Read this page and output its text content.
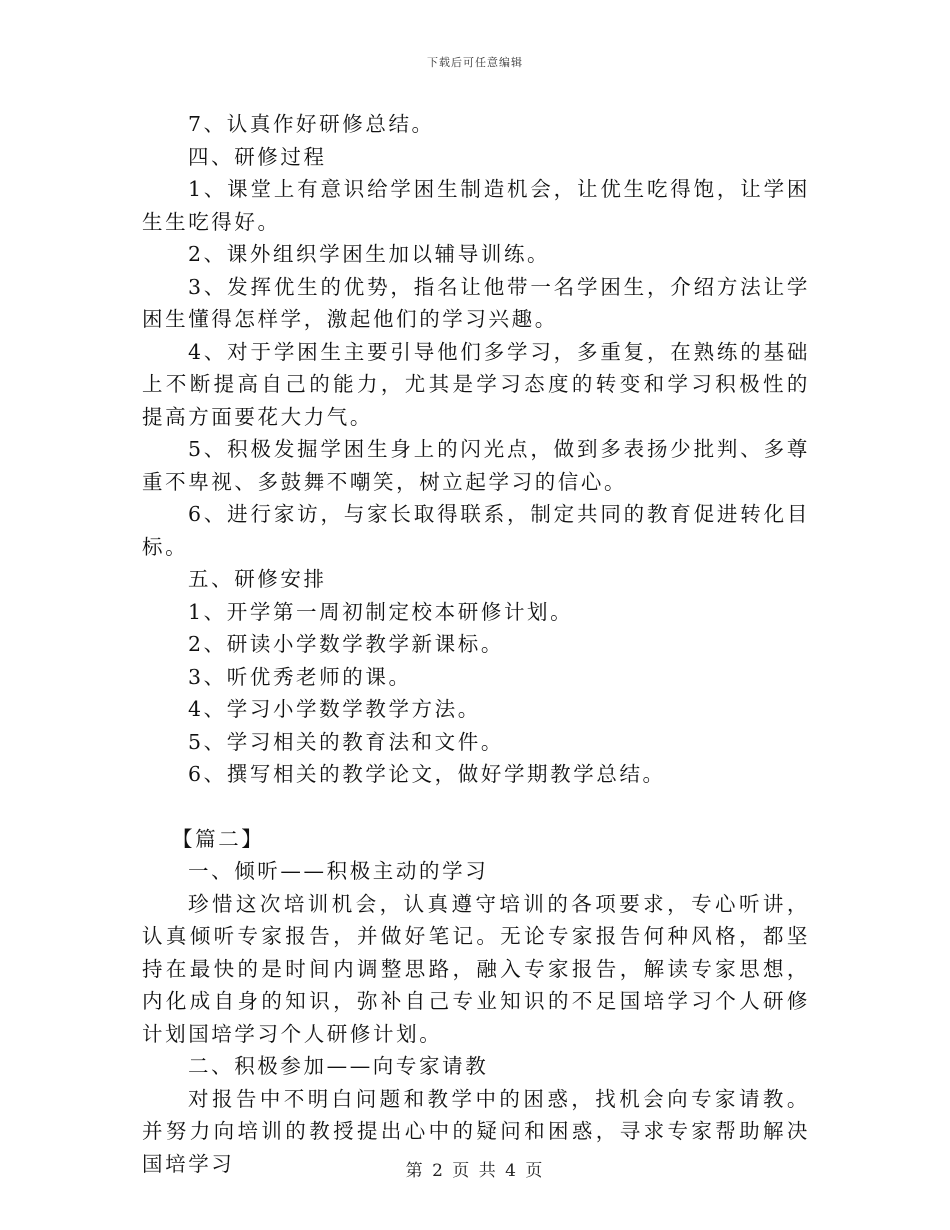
下载后可任意编辑

7、认真作好研修总结。

四、研修过程

1、课堂上有意识给学困生制造机会，让优生吃得饱，让学困生生吃得好。

2、课外组织学困生加以辅导训练。

3、发挥优生的优势，指名让他带一名学困生，介绍方法让学困生懂得怎样学，激起他们的学习兴趣。

4、对于学困生主要引导他们多学习，多重复，在熟练的基础上不断提高自己的能力，尤其是学习态度的转变和学习积极性的提高方面要花大力气。

5、积极发掘学困生身上的闪光点，做到多表扬少批判、多尊重不卑视、多鼓舞不嘲笑，树立起学习的信心。

6、进行家访，与家长取得联系，制定共同的教育促进转化目标。

五、研修安排

1、开学第一周初制定校本研修计划。

2、研读小学数学教学新课标。

3、听优秀老师的课。

4、学习小学数学教学方法。

5、学习相关的教育法和文件。

6、撰写相关的教学论文，做好学期教学总结。

【篇二】

一、倾听——积极主动的学习

珍惜这次培训机会，认真遵守培训的各项要求，专心听讲，认真倾听专家报告，并做好笔记。无论专家报告何种风格，都坚持在最快的是时间内调整思路，融入专家报告，解读专家思想，内化成自身的知识，弥补自己专业知识的不足国培学习个人研修计划国培学习个人研修计划。

二、积极参加——向专家请教

对报告中不明白问题和教学中的困惑，找机会向专家请教。并努力向培训的教授提出心中的疑问和困惑，寻求专家帮助解决国培学习	第 2 页 共 4 页
